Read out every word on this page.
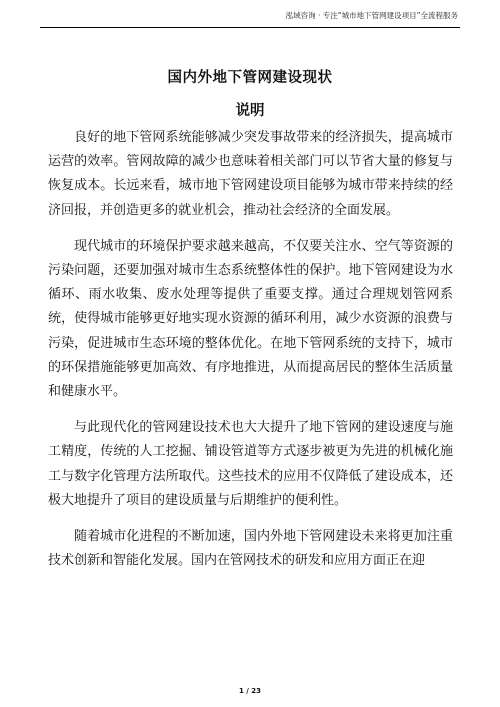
泓域咨询 · 专注“城市地下管网建设项目”全流程服务
国内外地下管网建设现状
说明

良好的地下管网系统能够减少突发事故带来的经济损失，提高城市运营的效率。管网故障的减少也意味着相关部门可以节省大量的修复与恢复成本。长远来看，城市地下管网建设项目能够为城市带来持续的经济回报，并创造更多的就业机会，推动社会经济的全面发展。

现代城市的环境保护要求越来越高，不仅要关注水、空气等资源的污染问题，还要加强对城市生态系统整体性的保护。地下管网建设为水循环、雨水收集、废水处理等提供了重要支撑。通过合理规划管网系统，使得城市能够更好地实现水资源的循环利用，减少水资源的浪费与污染，促进城市生态环境的整体优化。在地下管网系统的支持下，城市的环保措施能够更加高效、有序地推进，从而提高居民的整体生活质量和健康水平。

与此现代化的管网建设技术也大大提升了地下管网的建设速度与施工精度，传统的人工挖掘、铺设管道等方式逐步被更为先进的机械化施工与数字化管理方法所取代。这些技术的应用不仅降低了建设成本，还极大地提升了项目的建设质量与后期维护的便利性。

随着城市化进程的不断加速，国内外地下管网建设未来将更加注重技术创新和智能化发展。国内在管网技术的研发和应用方面正在迎

1 / 23
